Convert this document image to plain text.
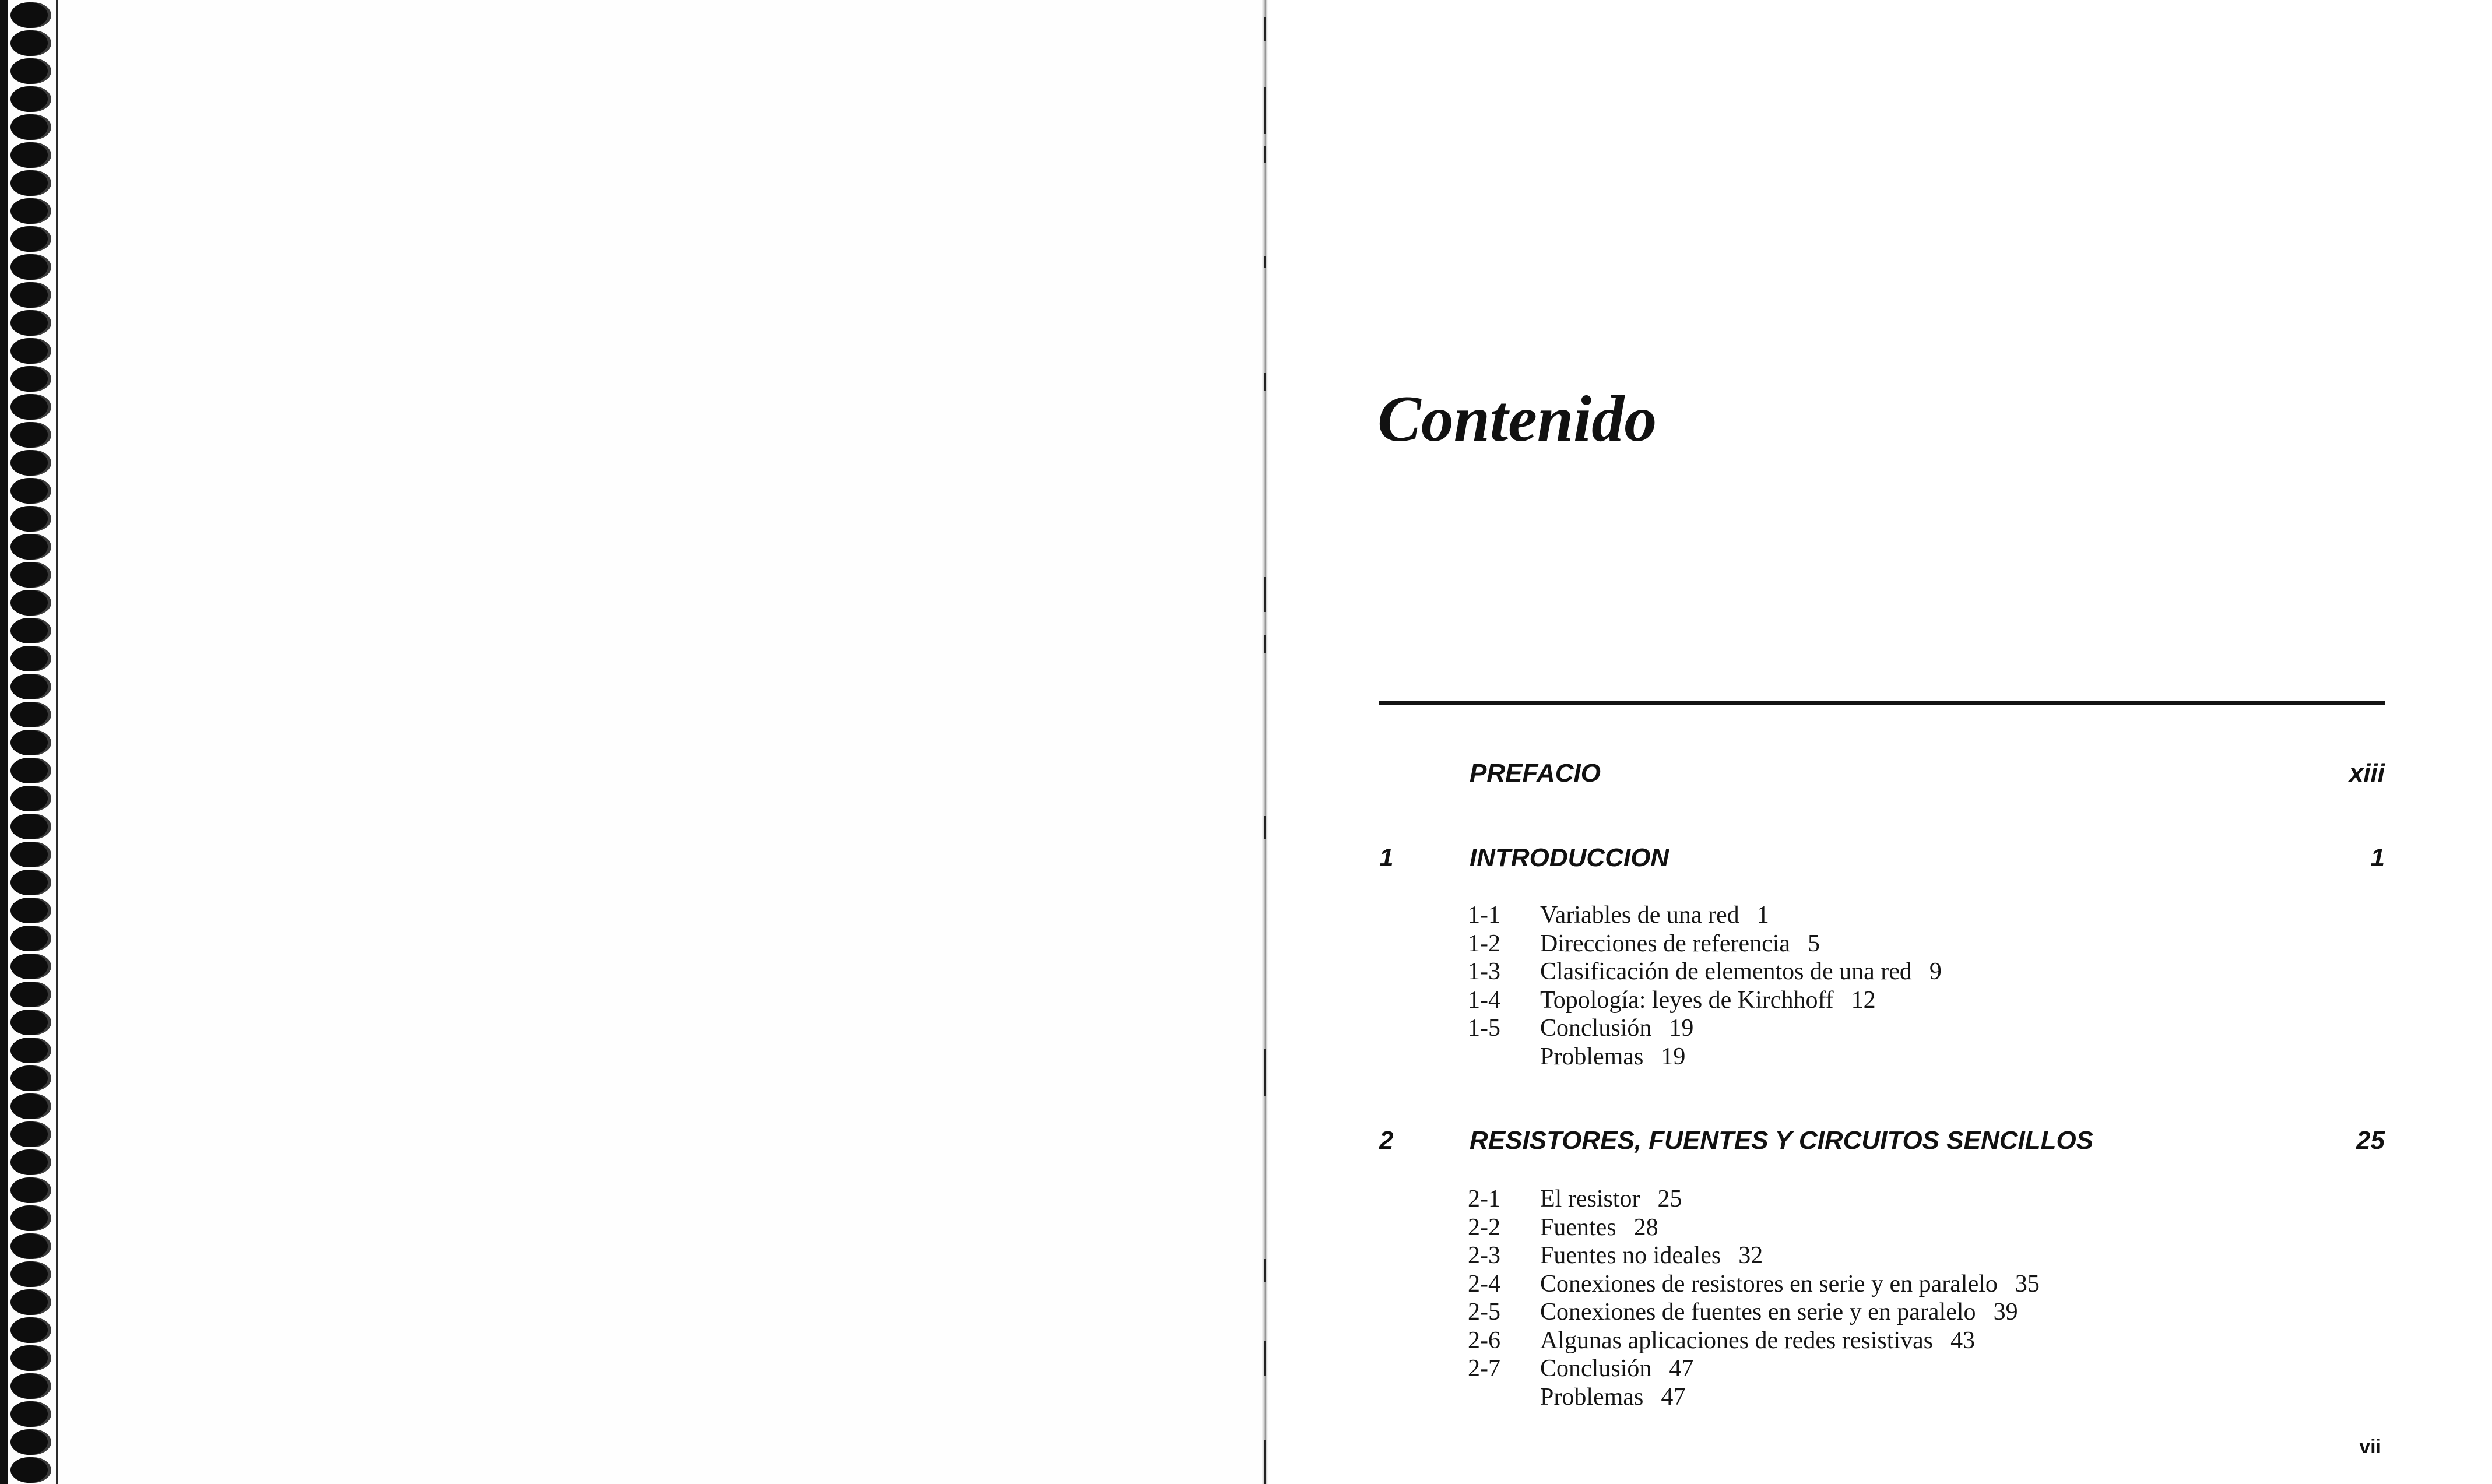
Contenido
PREFACIO	xiii
1	INTRODUCCION	1
1-1 Variables de una red 1
1-2 Direcciones de referencia 5
1-3 Clasificación de elementos de una red 9
1-4 Topología: leyes de Kirchhoff 12
1-5 Conclusión 19
Problemas 19
2	RESISTORES, FUENTES Y CIRCUITOS SENCILLOS	25
2-1 El resistor 25
2-2 Fuentes 28
2-3 Fuentes no ideales 32
2-4 Conexiones de resistores en serie y en paralelo 35
2-5 Conexiones de fuentes en serie y en paralelo 39
2-6 Algunas aplicaciones de redes resistivas 43
2-7 Conclusión 47
Problemas 47
vii
